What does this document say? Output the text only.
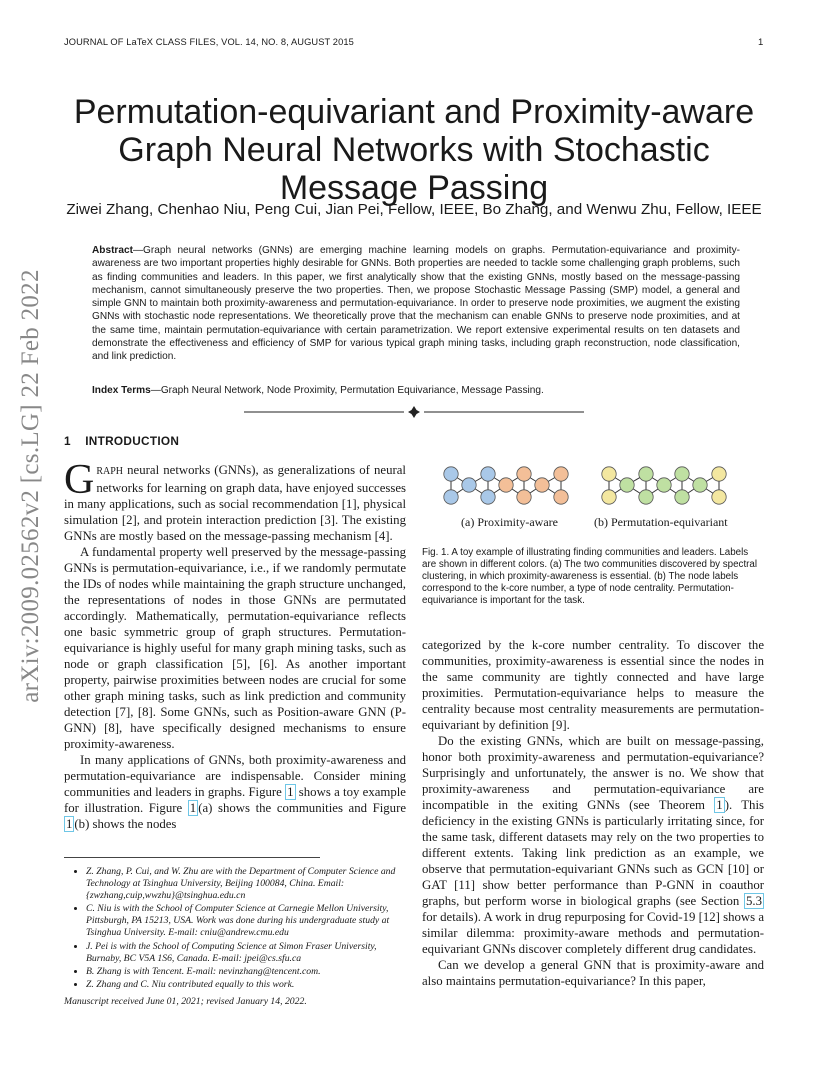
JOURNAL OF LaTeX CLASS FILES, VOL. 14, NO. 8, AUGUST 2015	1
arXiv:2009.02562v2 [cs.LG] 22 Feb 2022
Permutation-equivariant and Proximity-aware Graph Neural Networks with Stochastic Message Passing
Ziwei Zhang, Chenhao Niu, Peng Cui, Jian Pei, Fellow, IEEE, Bo Zhang, and Wenwu Zhu, Fellow, IEEE
Abstract—Graph neural networks (GNNs) are emerging machine learning models on graphs. Permutation-equivariance and proximity-awareness are two important properties highly desirable for GNNs. Both properties are needed to tackle some challenging graph problems, such as finding communities and leaders. In this paper, we first analytically show that the existing GNNs, mostly based on the message-passing mechanism, cannot simultaneously preserve the two properties. Then, we propose Stochastic Message Passing (SMP) model, a general and simple GNN to maintain both proximity-awareness and permutation-equivariance. In order to preserve node proximities, we augment the existing GNNs with stochastic node representations. We theoretically prove that the mechanism can enable GNNs to preserve node proximities, and at the same time, maintain permutation-equivariance with certain parametrization. We report extensive experimental results on ten datasets and demonstrate the effectiveness and efficiency of SMP for various typical graph mining tasks, including graph reconstruction, node classification, and link prediction.
Index Terms—Graph Neural Network, Node Proximity, Permutation Equivariance, Message Passing.
1 INTRODUCTION

GRAPH neural networks (GNNs), as generalizations of neural networks for learning on graph data, have enjoyed successes in many applications, such as social recommendation [1], physical simulation [2], and protein interaction prediction [3]. The existing GNNs are mostly based on the message-passing mechanism [4].

A fundamental property well preserved by the message-passing GNNs is permutation-equivariance, i.e., if we randomly permutate the IDs of nodes while maintaining the graph structure unchanged, the representations of nodes in those GNNs are permutated accordingly. Mathematically, permutation-equivariance reflects one basic symmetric group of graph structures. Permutation-equivariance is highly useful for many graph mining tasks, such as node or graph classification [5], [6]. As another important property, pairwise proximities between nodes are crucial for some other graph mining tasks, such as link prediction and community detection [7], [8]. Some GNNs, such as Position-aware GNN (P-GNN) [8], have specifically designed mechanisms to ensure proximity-awareness.

In many applications of GNNs, both proximity-awareness and permutation-equivariance are indispensable. Consider mining communities and leaders in graphs. Figure 1 shows a toy example for illustration. Figure 1 (a) shows the communities and Figure 1 (b) shows the nodes

• Z. Zhang, P. Cui, and W. Zhu are with the Department of Computer Science and Technology at Tsinghua University, Beijing 100084, China. Email: {zwzhang,cuip,wwzhu}@tsinghua.edu.cn
• C. Niu is with the School of Computer Science at Carnegie Mellon University, Pittsburgh, PA 15213, USA. Work was done during his undergraduate study at Tsinghua University. E-mail: cniu@andrew.cmu.edu
• J. Pei is with the School of Computing Science at Simon Fraser University, Burnaby, BC V5A 1S6, Canada. E-mail: jpei@cs.sfu.ca
• B. Zhang is with Tencent. E-mail: nevinzhang@tencent.com.
• Z. Zhang and C. Niu contributed equally to this work.
Manuscript received June 01, 2021; revised January 14, 2022.
(a) Proximity-aware	(b) Permutation-equivariant
Fig. 1. A toy example of illustrating finding communities and leaders. Labels are shown in different colors. (a) The two communities discovered by spectral clustering, in which proximity-awareness is essential. (b) The node labels correspond to the k-core number, a type of node centrality. Permutation-equivariance is important for the task.

categorized by the k-core number centrality. To discover the communities, proximity-awareness is essential since the nodes in the same community are tightly connected and have large proximities. Permutation-equivariance helps to measure the centrality because most centrality measurements are permutation-equivariant by definition [9].

Do the existing GNNs, which are built on message-passing, honor both proximity-awareness and permutation-equivariance? Surprisingly and unfortunately, the answer is no. We show that proximity-awareness and permutation-equivariance are incompatible in the exiting GNNs (see Theorem 1 ). This deficiency in the existing GNNs is particularly irritating since, for the same task, different datasets may rely on the two properties to different extents. Taking link prediction as an example, we observe that permutation-equivariant GNNs such as GCN [10] or GAT [11] show better performance than P-GNN in coauthor graphs, but perform worse in biological graphs (see Section 5.3 for details). A work in drug repurposing for Covid-19 [12] shows a similar dilemma: proximity-aware methods and permutation-equivariant GNNs discover completely different drug candidates.

Can we develop a general GNN that is proximity-aware and also maintains permutation-equivariance? In this paper,
